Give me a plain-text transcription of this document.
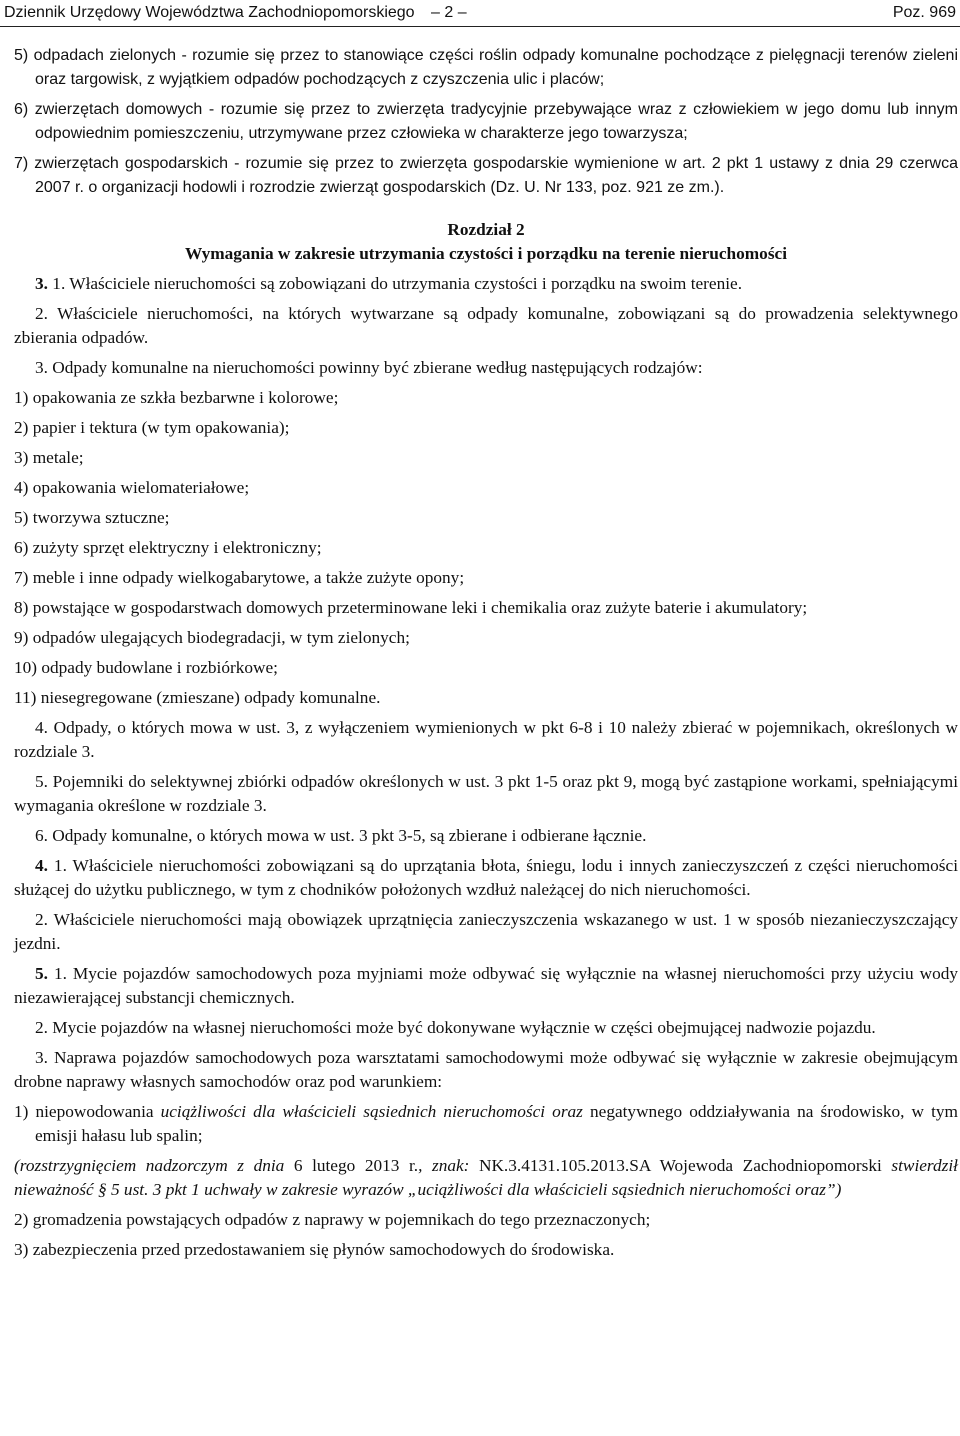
Dziennik Urzędowy Województwa Zachodniopomorskiego – 2 –	Poz. 969

5) odpadach zielonych - rozumie się przez to stanowiące części roślin odpady komunalne pochodzące z pielęgnacji terenów zieleni oraz targowisk, z wyjątkiem odpadów pochodzących z czyszczenia ulic i placów;

6) zwierzętach domowych - rozumie się przez to zwierzęta tradycyjnie przebywające wraz z człowiekiem w jego domu lub innym odpowiednim pomieszczeniu, utrzymywane przez człowieka w charakterze jego towarzysza;

7) zwierzętach gospodarskich - rozumie się przez to zwierzęta gospodarskie wymienione w art. 2 pkt 1 ustawy z dnia 29 czerwca 2007 r. o organizacji hodowli i rozrodzie zwierząt gospodarskich (Dz. U. Nr 133, poz. 921 ze zm.).

Rozdział 2

Wymagania w zakresie utrzymania czystości i porządku na terenie nieruchomości

3. 1. Właściciele nieruchomości są zobowiązani do utrzymania czystości i porządku na swoim terenie.

2. Właściciele nieruchomości, na których wytwarzane są odpady komunalne, zobowiązani są do prowadzenia selektywnego zbierania odpadów.

3. Odpady komunalne na nieruchomości powinny być zbierane według następujących rodzajów:

1) opakowania ze szkła bezbarwne i kolorowe;

2) papier i tektura (w tym opakowania);

3) metale;

4) opakowania wielomateriałowe;

5) tworzywa sztuczne;

6) zużyty sprzęt elektryczny i elektroniczny;

7) meble i inne odpady wielkogabarytowe, a także zużyte opony;

8) powstające w gospodarstwach domowych przeterminowane leki i chemikalia oraz zużyte baterie i akumulatory;

9) odpadów ulegających biodegradacji, w tym zielonych;

10) odpady budowlane i rozbiórkowe;

11) niesegregowane (zmieszane) odpady komunalne.

4. Odpady, o których mowa w ust. 3, z wyłączeniem wymienionych w pkt 6-8 i 10 należy zbierać w pojemnikach, określonych w rozdziale 3.

5. Pojemniki do selektywnej zbiórki odpadów określonych w ust. 3 pkt 1-5 oraz pkt 9, mogą być zastąpione workami, spełniającymi wymagania określone w rozdziale 3.

6. Odpady komunalne, o których mowa w ust. 3 pkt 3-5, są zbierane i odbierane łącznie.

4. 1. Właściciele nieruchomości zobowiązani są do uprzątania błota, śniegu, lodu i innych zanieczyszczeń z części nieruchomości służącej do użytku publicznego, w tym z chodników położonych wzdłuż należącej do nich nieruchomości.

2. Właściciele nieruchomości mają obowiązek uprzątnięcia zanieczyszczenia wskazanego w ust. 1 w sposób niezanieczyszczający jezdni.

5. 1. Mycie pojazdów samochodowych poza myjniami może odbywać się wyłącznie na własnej nieruchomości przy użyciu wody niezawierającej substancji chemicznych.

2. Mycie pojazdów na własnej nieruchomości może być dokonywane wyłącznie w części obejmującej nadwozie pojazdu.

3. Naprawa pojazdów samochodowych poza warsztatami samochodowymi może odbywać się wyłącznie w zakresie obejmującym drobne naprawy własnych samochodów oraz pod warunkiem:

1) niepowodowania uciążliwości dla właścicieli sąsiednich nieruchomości oraz negatywnego oddziaływania na środowisko, w tym emisji hałasu lub spalin;

(rozstrzygnięciem nadzorczym z dnia 6 lutego 2013 r., znak: NK.3.4131.105.2013.SA Wojewoda Zachodniopomorski stwierdził nieważność § 5 ust. 3 pkt 1 uchwały w zakresie wyrazów „uciążliwości dla właścicieli sąsiednich nieruchomości oraz”)

2) gromadzenia powstających odpadów z naprawy w pojemnikach do tego przeznaczonych;

3) zabezpieczenia przed przedostawaniem się płynów samochodowych do środowiska.
